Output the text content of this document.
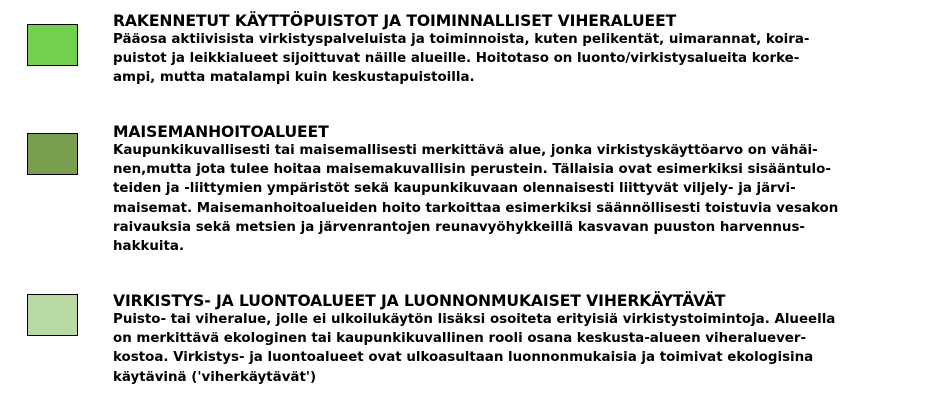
RAKENNETUT KÄYTTÖPUISTOT JA TOIMINNALLISET VIHERALUEET

Pääosa aktiivisista virkistyspalveluista ja toiminnoista, kuten pelikentät, uimarannat, koira-
puistot ja leikkialueet sijoittuvat näille alueille. Hoitotaso on luonto/virkistysalueita korke-
ampi, mutta matalampi kuin keskustapuistoilla.

MAISEMANHOITOALUEET

Kaupunkikuvallisesti tai maisemallisesti merkittävä alue, jonka virkistyskäyttöarvo on vähäi-
nen,mutta jota tulee hoitaa maisemakuvallisin perustein. Tällaisia ovat esimerkiksi sisääntulo-
teiden ja -liittymien ympäristöt sekä kaupunkikuvaan olennaisesti liittyvät viljely- ja järvi-
maisemat. Maisemanhoitoalueiden hoito tarkoittaa esimerkiksi säännöllisesti toistuvia vesakon
raivauksia sekä metsien ja järvenrantojen reunavyöhykkeillä kasvavan puuston harvennus-
hakkuita.

VIRKISTYS- JA LUONTOALUEET JA LUONNONMUKAISET VIHERKÄYTÄVÄT

Puisto- tai viheralue, jolle ei ulkoilukäytön lisäksi osoiteta erityisiä virkistystoimintoja. Alueella
on merkittävä ekologinen tai kaupunkikuvallinen rooli osana keskusta-alueen viheraluever-
kostoa. Virkistys- ja luontoalueet ovat ulkoasultaan luonnonmukaisia ja toimivat ekologisina
käytävinä ('viherkäytävät')
